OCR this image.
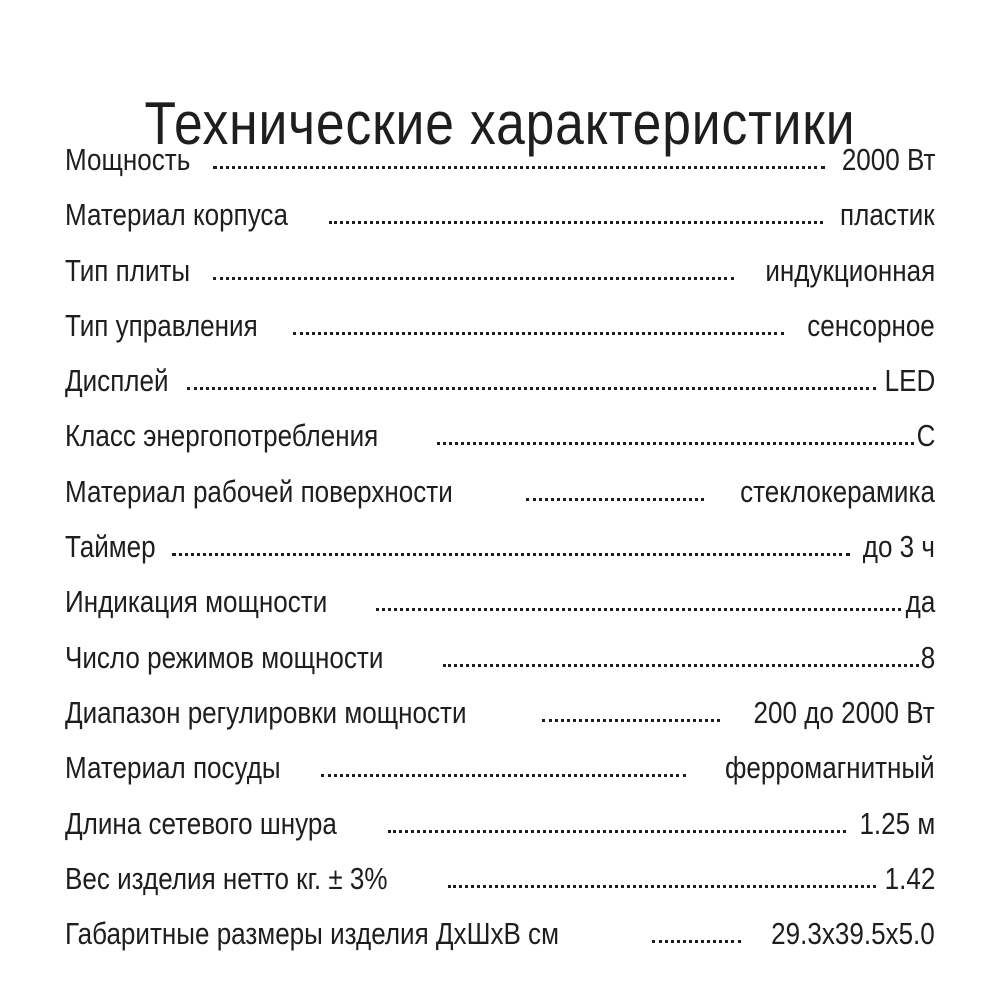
Технические характеристики
Мощность	2000 Вт
Материал корпуса	пластик
Тип плиты	индукционная
Тип управления	сенсорное
Дисплей	LED
Класс энергопотребления	C
Материал рабочей поверхности	стеклокерамика
Таймер	до 3 ч
Индикация мощности	да
Число режимов мощности	8
Диапазон регулировки мощности	200 до 2000 Вт
Материал посуды	ферромагнитный
Длина сетевого шнура	1.25 м
Вес изделия нетто кг. ± 3%	1.42
Габаритные размеры изделия ДхШхВ см	29.3x39.5x5.0
